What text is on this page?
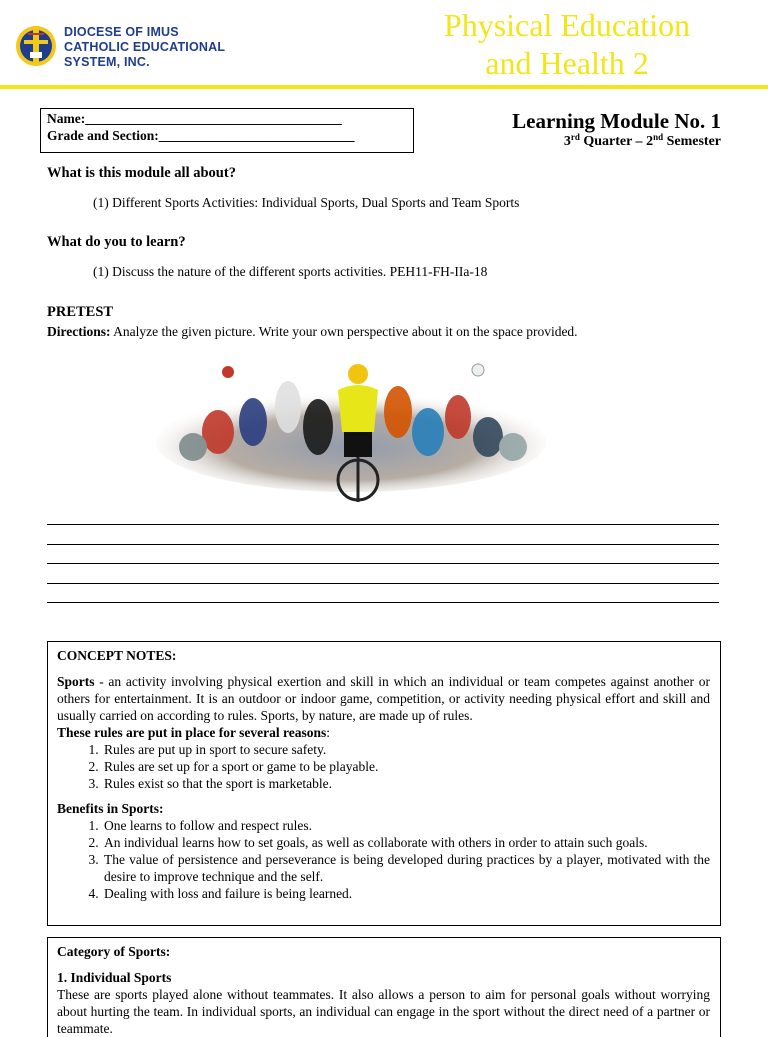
DIOCESE OF IMUS
CATHOLIC EDUCATIONAL
SYSTEM, INC.
Physical Education
and Health 2
Name:______________________________________
Grade and Section:_____________________________
Learning Module No. 1
3rd Quarter – 2nd Semester
What is this module all about?
(1) Different Sports Activities: Individual Sports, Dual Sports and Team Sports
What do you to learn?
(1) Discuss the nature of the different sports activities. PEH11-FH-IIa-18
PRETEST
Directions: Analyze the given picture. Write your own perspective about it on the space provided.
CONCEPT NOTES:

Sports - an activity involving physical exertion and skill in which an individual or team competes against another or others for entertainment. It is an outdoor or indoor game, competition, or activity needing physical effort and skill and usually carried on according to rules. Sports, by nature, are made up of rules.

These rules are put in place for several reasons:
1. Rules are put up in sport to secure safety.
2. Rules are set up for a sport or game to be playable.
3. Rules exist so that the sport is marketable.
Benefits in Sports:
1. One learns to follow and respect rules.
2. An individual learns how to set goals, as well as collaborate with others in order to attain such goals.
3. The value of persistence and perseverance is being developed during practices by a player, motivated with the desire to improve technique and the self.
4. Dealing with loss and failure is being learned.
Category of Sports:
1. Individual Sports

These are sports played alone without teammates. It also allows a person to aim for personal goals without worrying about hurting the team. In individual sports, an individual can engage in the sport without the direct need of a partner or teammate.
